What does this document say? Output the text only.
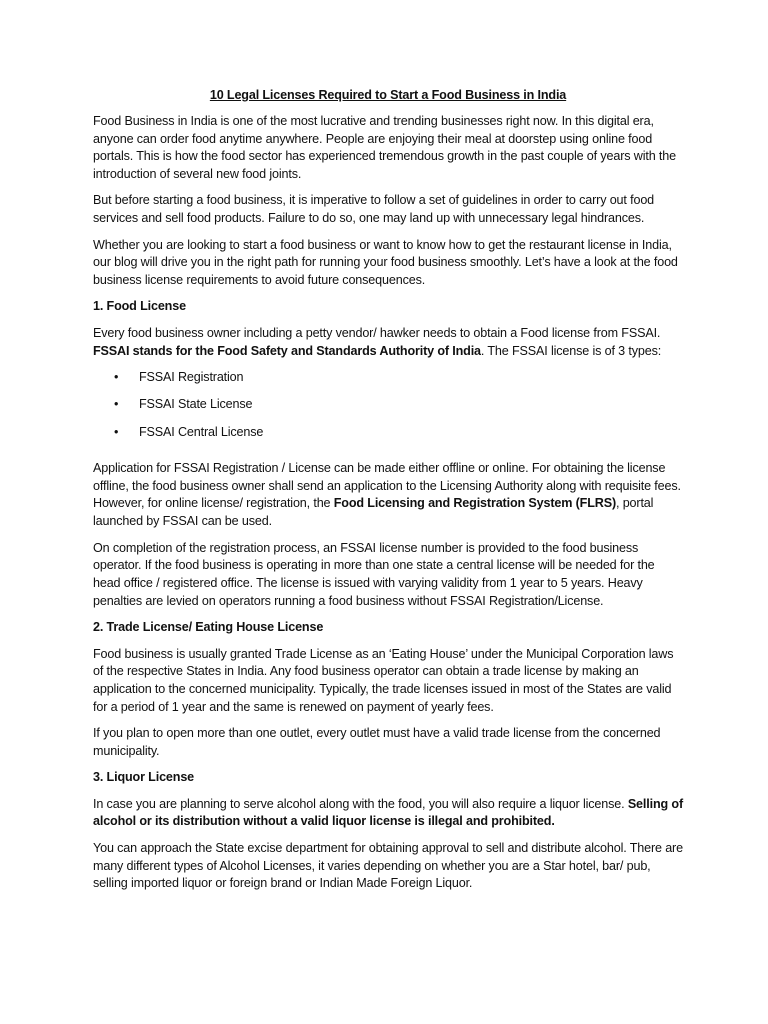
10 Legal Licenses Required to Start a Food Business in India

Food Business in India is one of the most lucrative and trending businesses right now. In this digital era, anyone can order food anytime anywhere. People are enjoying their meal at doorstep using online food portals. This is how the food sector has experienced tremendous growth in the past couple of years with the introduction of several new food joints.

But before starting a food business, it is imperative to follow a set of guidelines in order to carry out food services and sell food products. Failure to do so, one may land up with unnecessary legal hindrances.

Whether you are looking to start a food business or want to know how to get the restaurant license in India, our blog will drive you in the right path for running your food business smoothly. Let’s have a look at the food business license requirements to avoid future consequences.

1. Food License

Every food business owner including a petty vendor/ hawker needs to obtain a Food license from FSSAI. FSSAI stands for the Food Safety and Standards Authority of India. The FSSAI license is of 3 types:

• FSSAI Registration
• FSSAI State License
• FSSAI Central License

Application for FSSAI Registration / License can be made either offline or online. For obtaining the license offline, the food business owner shall send an application to the Licensing Authority along with requisite fees. However, for online license/ registration, the Food Licensing and Registration System (FLRS), portal launched by FSSAI can be used.

On completion of the registration process, an FSSAI license number is provided to the food business operator. If the food business is operating in more than one state a central license will be needed for the head office / registered office. The license is issued with varying validity from 1 year to 5 years. Heavy penalties are levied on operators running a food business without FSSAI Registration/License.

2. Trade License/ Eating House License

Food business is usually granted Trade License as an ‘Eating House’ under the Municipal Corporation laws of the respective States in India. Any food business operator can obtain a trade license by making an application to the concerned municipality. Typically, the trade licenses issued in most of the States are valid for a period of 1 year and the same is renewed on payment of yearly fees.

If you plan to open more than one outlet, every outlet must have a valid trade license from the concerned municipality.

3. Liquor License

In case you are planning to serve alcohol along with the food, you will also require a liquor license. Selling of alcohol or its distribution without a valid liquor license is illegal and prohibited.

You can approach the State excise department for obtaining approval to sell and distribute alcohol. There are many different types of Alcohol Licenses, it varies depending on whether you are a Star hotel, bar/ pub, selling imported liquor or foreign brand or Indian Made Foreign Liquor.
